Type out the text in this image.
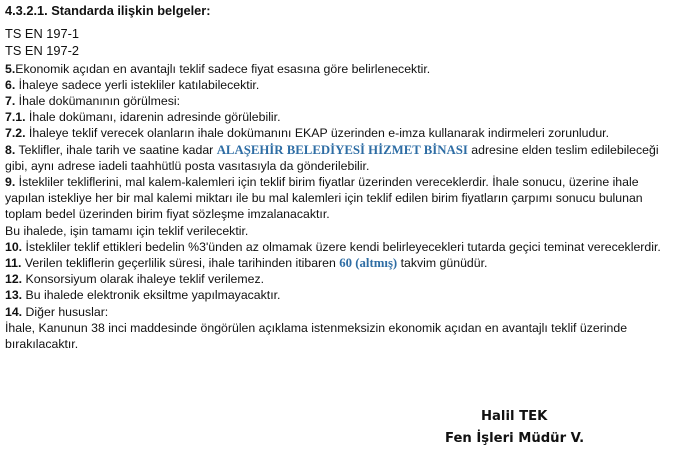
4.3.2.1. Standarda ilişkin belgeler:
TS EN 197-1
TS EN 197-2
5.Ekonomik açıdan en avantajlı teklif sadece fiyat esasına göre belirlenecektir.
6. İhaleye sadece yerli istekliler katılabilecektir.
7. İhale dokümanının görülmesi:
7.1. İhale dokümanı, idarenin adresinde görülebilir.
7.2. İhaleye teklif verecek olanların ihale dokümanını EKAP üzerinden e-imza kullanarak indirmeleri zorunludur.
8. Teklifler, ihale tarih ve saatine kadar ALAŞEHİR BELEDİYESİ HİZMET BİNASI adresine elden teslim edilebileceği gibi, aynı adrese iadeli taahhütlü posta vasıtasıyla da gönderilebilir.
9. İstekliler tekliflerini, mal kalem-kalemleri için teklif birim fiyatlar üzerinden vereceklerdir. İhale sonucu, üzerine ihale yapılan istekliye her bir mal kalemi miktarı ile bu mal kalemleri için teklif edilen birim fiyatların çarpımı sonucu bulunan toplam bedel üzerinden birim fiyat sözleşme imzalanacaktır.
Bu ihalede, işin tamamı için teklif verilecektir.
10. İstekliler teklif ettikleri bedelin %3'ünden az olmamak üzere kendi belirleyecekleri tutarda geçici teminat vereceklerdir.
11. Verilen tekliflerin geçerlilik süresi, ihale tarihinden itibaren 60 (altmış) takvim günüdür.
12. Konsorsiyum olarak ihaleye teklif verilemez.
13. Bu ihalede elektronik eksiltme yapılmayacaktır.
14. Diğer hususlar:
İhale, Kanunun 38 inci maddesinde öngörülen açıklama istenmeksizin ekonomik açıdan en avantajlı teklif üzerinde bırakılacaktır.
Halil TEK
Fen İşleri Müdür V.
